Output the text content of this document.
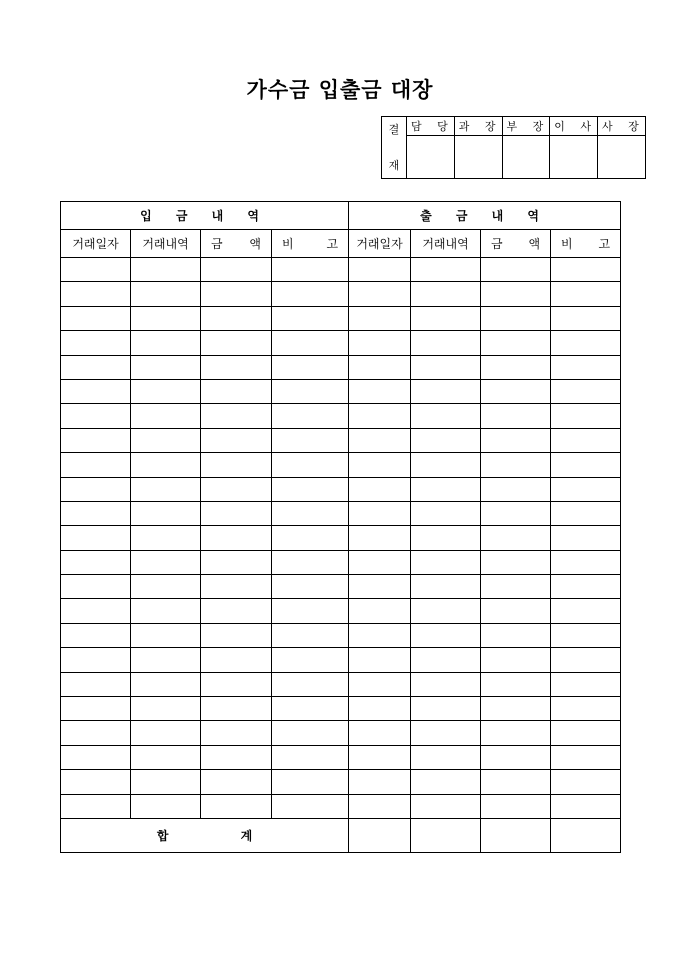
가수금 입출금 대장
결
재	담 당	과 장	부 장	이 사	사 장

입 금 내 역				출 금 내 역			
거래일자	거래내역	금 액	비 고	거래일자	거래내역	금 액	비 고

합 계							
